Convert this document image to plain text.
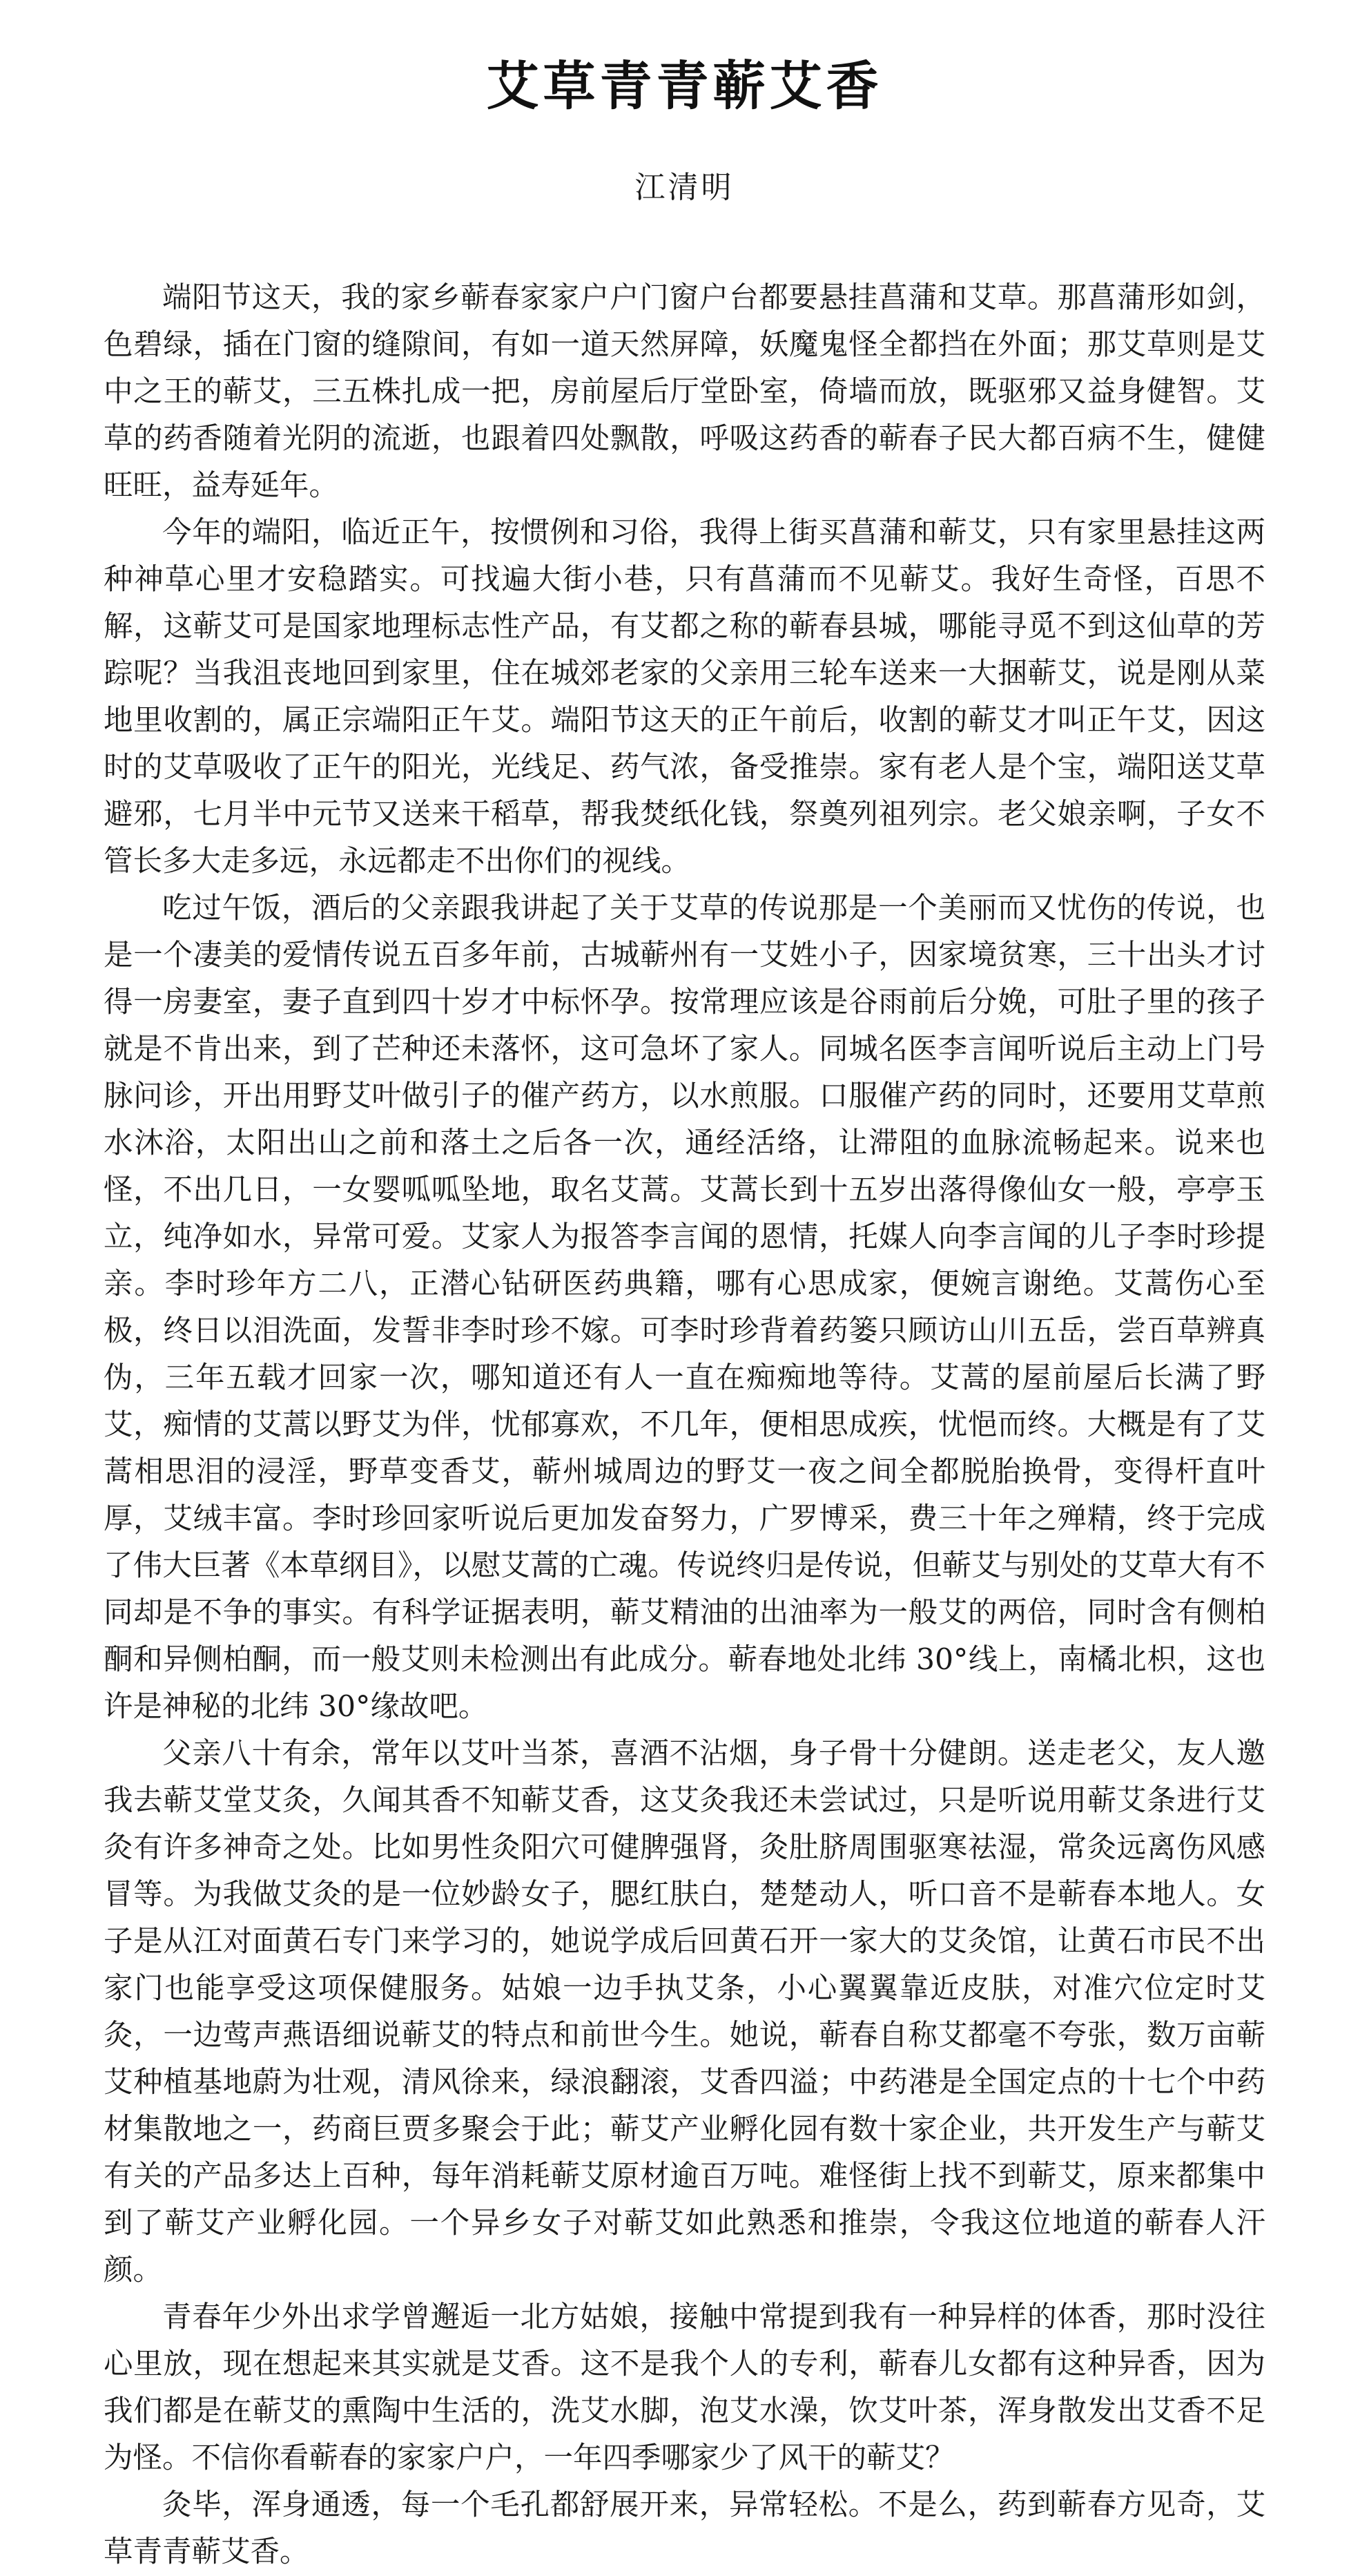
艾草青青蕲艾香
江清明

端阳节这天，我的家乡蕲春家家户户门窗户台都要悬挂菖蒲和艾草。那菖蒲形如剑，色碧绿，插在门窗的缝隙间，有如一道天然屏障，妖魔鬼怪全都挡在外面；那艾草则是艾中之王的蕲艾，三五株扎成一把，房前屋后厅堂卧室，倚墙而放，既驱邪又益身健智。艾草的药香随着光阴的流逝，也跟着四处飘散，呼吸这药香的蕲春子民大都百病不生，健健旺旺，益寿延年。

今年的端阳，临近正午，按惯例和习俗，我得上街买菖蒲和蕲艾，只有家里悬挂这两种神草心里才安稳踏实。可找遍大街小巷，只有菖蒲而不见蕲艾。我好生奇怪，百思不解，这蕲艾可是国家地理标志性产品，有艾都之称的蕲春县城，哪能寻觅不到这仙草的芳踪呢？当我沮丧地回到家里，住在城郊老家的父亲用三轮车送来一大捆蕲艾，说是刚从菜地里收割的，属正宗端阳正午艾。端阳节这天的正午前后，收割的蕲艾才叫正午艾，因这时的艾草吸收了正午的阳光，光线足、药气浓，备受推崇。家有老人是个宝，端阳送艾草避邪，七月半中元节又送来干稻草，帮我焚纸化钱，祭奠列祖列宗。老父娘亲啊，子女不管长多大走多远，永远都走不出你们的视线。

吃过午饭，酒后的父亲跟我讲起了关于艾草的传说那是一个美丽而又忧伤的传说，也是一个凄美的爱情传说五百多年前，古城蕲州有一艾姓小子，因家境贫寒，三十出头才讨得一房妻室，妻子直到四十岁才中标怀孕。按常理应该是谷雨前后分娩，可肚子里的孩子就是不肯出来，到了芒种还未落怀，这可急坏了家人。同城名医李言闻听说后主动上门号脉问诊，开出用野艾叶做引子的催产药方，以水煎服。口服催产药的同时，还要用艾草煎水沐浴，太阳出山之前和落土之后各一次，通经活络，让滞阻的血脉流畅起来。说来也怪，不出几日，一女婴呱呱坠地，取名艾蒿。艾蒿长到十五岁出落得像仙女一般，亭亭玉立，纯净如水，异常可爱。艾家人为报答李言闻的恩情，托媒人向李言闻的儿子李时珍提亲。李时珍年方二八，正潜心钻研医药典籍，哪有心思成家，便婉言谢绝。艾蒿伤心至极，终日以泪洗面，发誓非李时珍不嫁。可李时珍背着药篓只顾访山川五岳，尝百草辨真伪，三年五载才回家一次，哪知道还有人一直在痴痴地等待。艾蒿的屋前屋后长满了野艾，痴情的艾蒿以野艾为伴，忧郁寡欢，不几年，便相思成疾，忧悒而终。大概是有了艾蒿相思泪的浸淫，野草变香艾，蕲州城周边的野艾一夜之间全都脱胎换骨，变得杆直叶厚，艾绒丰富。李时珍回家听说后更加发奋努力，广罗博采，费三十年之殚精，终于完成了伟大巨著《本草纲目》，以慰艾蒿的亡魂。传说终归是传说，但蕲艾与别处的艾草大有不同却是不争的事实。有科学证据表明，蕲艾精油的出油率为一般艾的两倍，同时含有侧柏酮和异侧柏酮，而一般艾则未检测出有此成分。蕲春地处北纬 30°线上，南橘北枳，这也许是神秘的北纬 30°缘故吧。

父亲八十有余，常年以艾叶当茶，喜酒不沾烟，身子骨十分健朗。送走老父，友人邀我去蕲艾堂艾灸，久闻其香不知蕲艾香，这艾灸我还未尝试过，只是听说用蕲艾条进行艾灸有许多神奇之处。比如男性灸阳穴可健脾强肾，灸肚脐周围驱寒祛湿，常灸远离伤风感冒等。为我做艾灸的是一位妙龄女子，腮红肤白，楚楚动人，听口音不是蕲春本地人。女子是从江对面黄石专门来学习的，她说学成后回黄石开一家大的艾灸馆，让黄石市民不出家门也能享受这项保健服务。姑娘一边手执艾条，小心翼翼靠近皮肤，对准穴位定时艾灸，一边莺声燕语细说蕲艾的特点和前世今生。她说，蕲春自称艾都毫不夸张，数万亩蕲艾种植基地蔚为壮观，清风徐来，绿浪翻滚，艾香四溢；中药港是全国定点的十七个中药材集散地之一，药商巨贾多聚会于此；蕲艾产业孵化园有数十家企业，共开发生产与蕲艾有关的产品多达上百种，每年消耗蕲艾原材逾百万吨。难怪街上找不到蕲艾，原来都集中到了蕲艾产业孵化园。一个异乡女子对蕲艾如此熟悉和推崇，令我这位地道的蕲春人汗颜。

青春年少外出求学曾邂逅一北方姑娘，接触中常提到我有一种异样的体香，那时没往心里放，现在想起来其实就是艾香。这不是我个人的专利，蕲春儿女都有这种异香，因为我们都是在蕲艾的熏陶中生活的，洗艾水脚，泡艾水澡，饮艾叶茶，浑身散发出艾香不足为怪。不信你看蕲春的家家户户，一年四季哪家少了风干的蕲艾？

灸毕，浑身通透，每一个毛孔都舒展开来，异常轻松。不是么，药到蕲春方见奇，艾草青青蕲艾香。
